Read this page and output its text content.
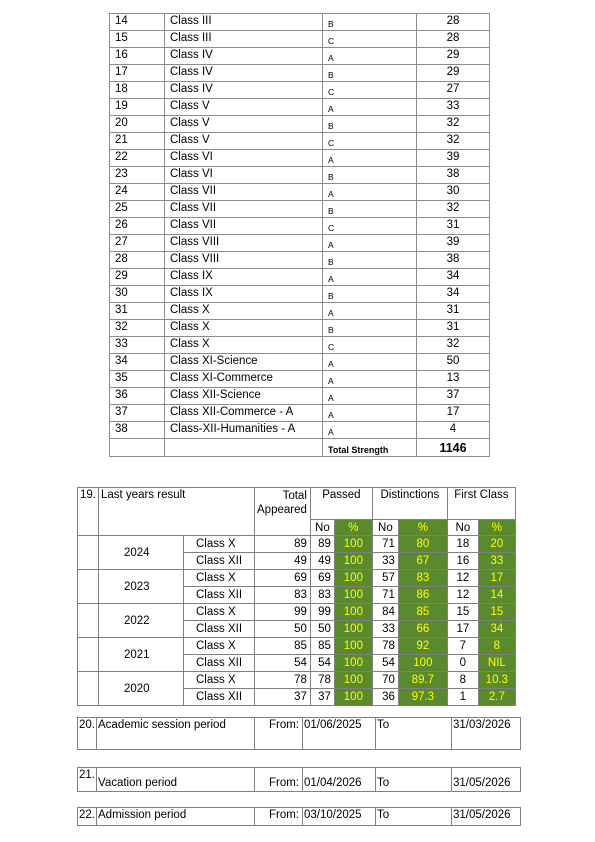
14	Class III	B	28
15	Class III	C	28
16	Class IV	A	29
17	Class IV	B	29
18	Class IV	C	27
19	Class V	A	33
20	Class V	B	32
21	Class V	C	32
22	Class VI	A	39
23	Class VI	B	38
24	Class VII	A	30
25	Class VII	B	32
26	Class VII	C	31
27	Class VIII	A	39
28	Class VIII	B	38
29	Class IX	A	34
30	Class IX	B	34
31	Class X	A	31
32	Class X	B	31
33	Class X	C	32
34	Class XI-Science	A	50
35	Class XI-Commerce	A	13
36	Class XII-Science	A	37
37	Class XII-Commerce - A	A	17
38	Class-XII-Humanities - A	A	4
		Total Strength	1146
19.	Last years result		Total Appeared	Passed		Distinctions		First Class	
				No	%	No	%	No	%
	2024	Class X	89	89	100	71	80	18	20
		Class XII	49	49	100	33	67	16	33
	2023	Class X	69	69	100	57	83	12	17
		Class XII	83	83	100	71	86	12	14
	2022	Class X	99	99	100	84	85	15	15
		Class XII	50	50	100	33	66	17	34
	2021	Class X	85	85	100	78	92	7	8
		Class XII	54	54	100	54	100	0	NIL
	2020	Class X	78	78	100	70	89.7	8	10.3
		Class XII	37	37	100	36	97.3	1	2.7
20.	Academic session period	From:	01/06/2025	To	31/03/2026
21.	Vacation period	From:	01/04/2026	To	31/05/2026
22.	Admission period	From:	03/10/2025	To	31/05/2026
